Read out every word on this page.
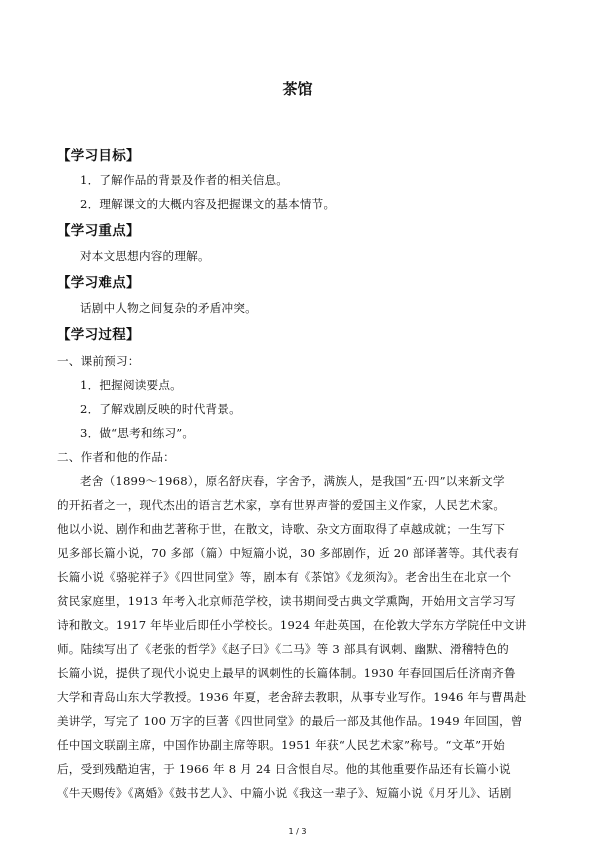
茶馆
【学习目标】
1．了解作品的背景及作者的相关信息。
2．理解课文的大概内容及把握课文的基本情节。
【学习重点】
对本文思想内容的理解。
【学习难点】
话剧中人物之间复杂的矛盾冲突。
【学习过程】
一、课前预习：
1．把握阅读要点。
2．了解戏剧反映的时代背景。
3．做“思考和练习”。
二、作者和他的作品：
老舍（1899～1968），原名舒庆春，字舍予，满族人，是我国“五·四”以来新文学
的开拓者之一，现代杰出的语言艺术家，享有世界声誉的爱国主义作家，人民艺术家。
他以小说、剧作和曲艺著称于世，在散文，诗歌、杂文方面取得了卓越成就；一生写下
见多部长篇小说，70 多部（篇）中短篇小说，30 多部剧作，近 20 部译著等。其代表有
长篇小说《骆驼祥子》《四世同堂》等，剧本有《茶馆》《龙须沟》。老舍出生在北京一个
贫民家庭里，1913 年考入北京师范学校，读书期间受古典文学熏陶，开始用文言学习写
诗和散文。1917 年毕业后即任小学校长。1924 年赴英国，在伦敦大学东方学院任中文讲
师。陆续写出了《老张的哲学》《赵子曰》《二马》等 3 部具有讽刺、幽默、滑稽特色的
长篇小说，提供了现代小说史上最早的讽刺性的长篇体制。1930 年春回国后任济南齐鲁
大学和青岛山东大学教授。1936 年夏，老舍辞去教职，从事专业写作。1946 年与曹禺赴
美讲学，写完了 100 万字的巨著《四世同堂》的最后一部及其他作品。1949 年回国，曾
任中国文联副主席，中国作协副主席等职。1951 年获“人民艺术家”称号。“文革”开始
后，受到残酷迫害，于 1966 年 8 月 24 日含恨自尽。他的其他重要作品还有长篇小说
《牛天赐传》《离婚》《鼓书艺人》、中篇小说《我这一辈子》、短篇小说《月牙儿》、话剧
1 / 3
